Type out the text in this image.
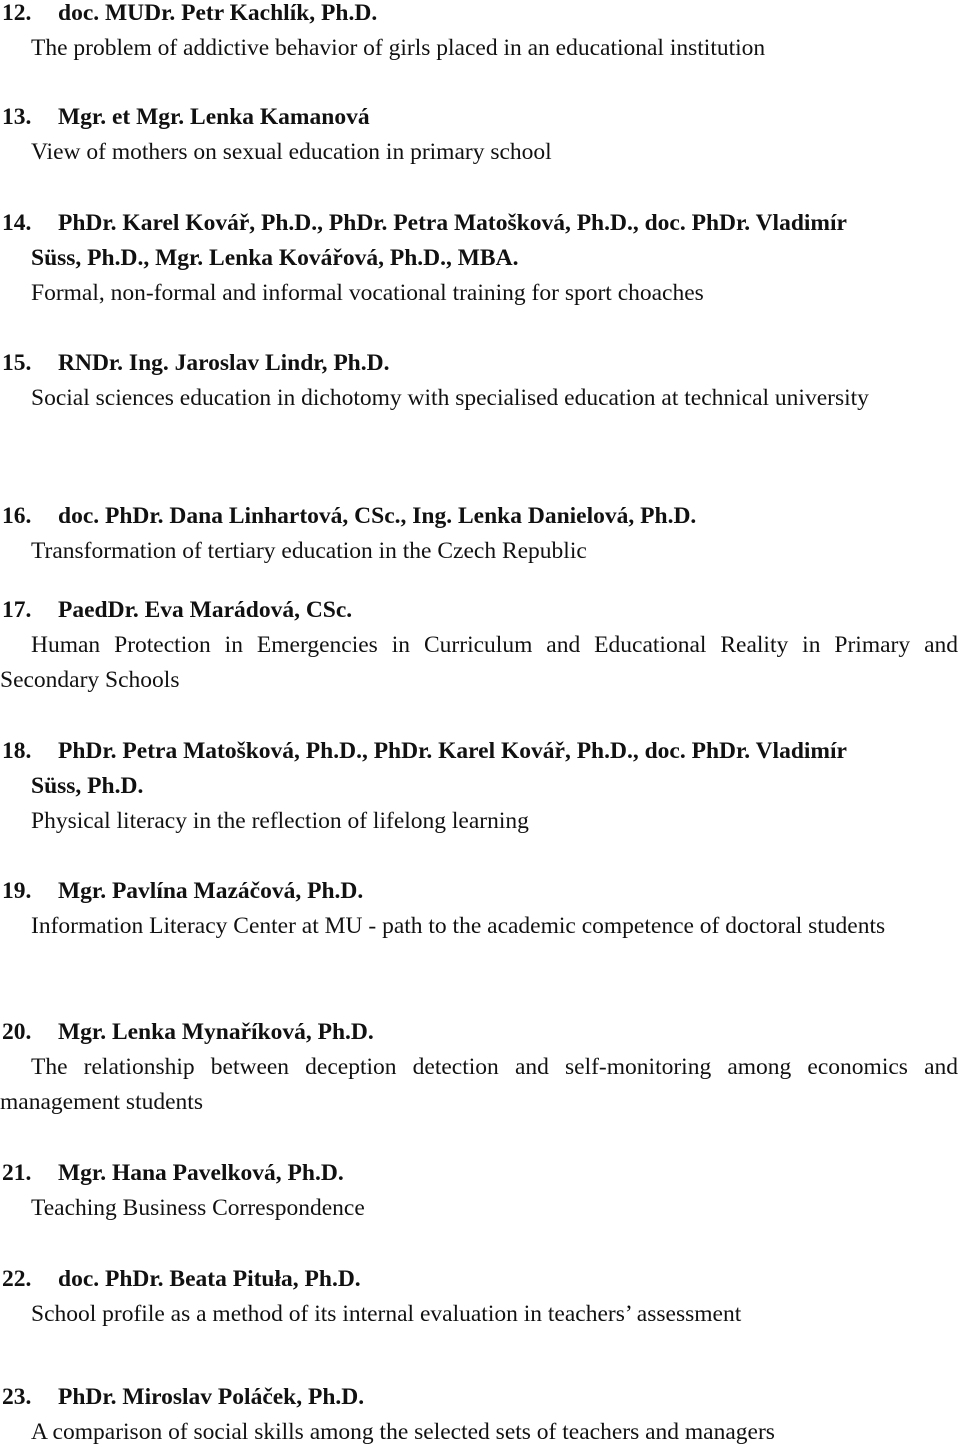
12. doc. MUDr. Petr Kachlík, Ph.D.

The problem of addictive behavior of girls placed in an educational institution

13. Mgr. et Mgr. Lenka Kamanová

View of mothers on sexual education in primary school

14. PhDr. Karel Kovář, Ph.D., PhDr. Petra Matošková, Ph.D., doc. PhDr. Vladimír

Süss, Ph.D., Mgr. Lenka Kovářová, Ph.D., MBA.

Formal, non-formal and informal vocational training for sport choaches

15. RNDr. Ing. Jaroslav Lindr, Ph.D.

Social sciences education in dichotomy with specialised education at technical university

16. doc. PhDr. Dana Linhartová, CSc., Ing. Lenka Danielová, Ph.D.

Transformation of tertiary education in the Czech Republic

17. PaedDr. Eva Marádová, CSc.

Human Protection in Emergencies in Curriculum and Educational Reality in Primary and Secondary Schools

18. PhDr. Petra Matošková, Ph.D., PhDr. Karel Kovář, Ph.D., doc. PhDr. Vladimír

Süss, Ph.D.

Physical literacy in the reflection of lifelong learning

19. Mgr. Pavlína Mazáčová, Ph.D.

Information Literacy Center at MU - path to the academic competence of doctoral students

20. Mgr. Lenka Mynaříková, Ph.D.

The relationship between deception detection and self-monitoring among economics and management students

21. Mgr. Hana Pavelková, Ph.D.

Teaching Business Correspondence

22. doc. PhDr. Beata Pituła, Ph.D.

School profile as a method of its internal evaluation in teachers’ assessment

23. PhDr. Miroslav Poláček, Ph.D.

A comparison of social skills among the selected sets of teachers and managers
